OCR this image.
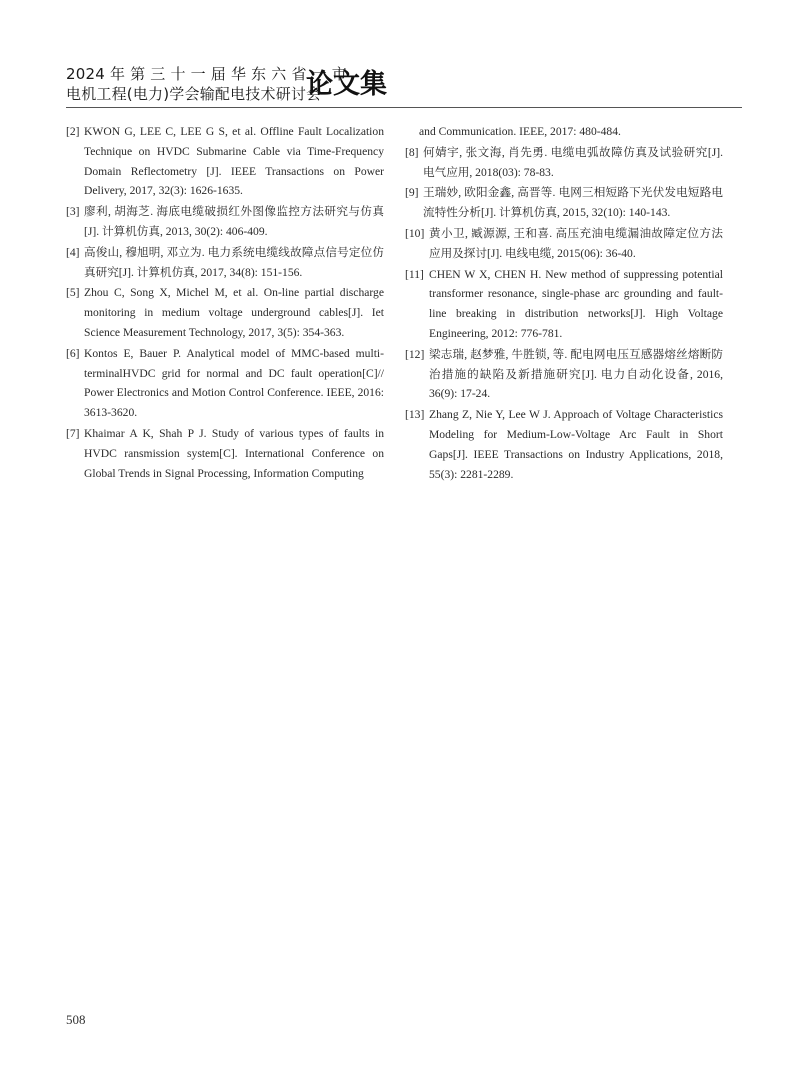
2024 年 第 三 十 一 届 华 东 六 省 一 市
电机工程(电力)学会输配电技术研讨会
论文集
[2] KWON G, LEE C, LEE G S, et al. Offline Fault Localization Technique on HVDC Submarine Cable via Time-Frequency Domain Reflectometry [J]. IEEE Transactions on Power Delivery, 2017, 32(3): 1626-1635.
[3] 廖利, 胡海芝. 海底电缆破损红外图像监控方法研究与仿真[J]. 计算机仿真, 2013, 30(2): 406-409.
[4] 高俊山, 穆旭明, 邓立为. 电力系统电缆线故障点信号定位仿真研究[J]. 计算机仿真, 2017, 34(8): 151-156.
[5] Zhou C, Song X, Michel M, et al. On-line partial discharge monitoring in medium voltage underground cables[J]. Iet Science Measurement Technology, 2017, 3(5): 354-363.
[6] Kontos E, Bauer P. Analytical model of MMC-based multi-terminalHVDC grid for normal and DC fault operation[C]// Power Electronics and Motion Control Conference. IEEE, 2016: 3613-3620.
[7] Khaimar A K, Shah P J. Study of various types of faults in HVDC ransmission system[C]. International Conference on Global Trends in Signal Processing, Information Computing
and Communication. IEEE, 2017: 480-484.
[8] 何婧宇, 张文海, 肖先勇. 电缆电弧故障仿真及试验研究[J]. 电气应用, 2018(03): 78-83.
[9] 王瑞妙, 欧阳金鑫, 高晋等. 电网三相短路下光伏发电短路电流特性分析[J]. 计算机仿真, 2015, 32(10): 140-143.
[10] 黄小卫, 臧源源, 王和喜. 高压充油电缆漏油故障定位方法应用及探讨[J]. 电线电缆, 2015(06): 36-40.
[11] CHEN W X, CHEN H. New method of suppressing potential transformer resonance, single-phase arc grounding and fault-line breaking in distribution networks[J]. High Voltage Engineering, 2012: 776-781.
[12] 梁志瑞, 赵梦雅, 牛胜锁, 等. 配电网电压互感器熔丝熔断防治措施的缺陷及新措施研究[J]. 电力自动化设备, 2016, 36(9): 17-24.
[13] Zhang Z, Nie Y, Lee W J. Approach of Voltage Characteristics Modeling for Medium-Low-Voltage Arc Fault in Short Gaps[J]. IEEE Transactions on Industry Applications, 2018, 55(3): 2281-2289.
508
